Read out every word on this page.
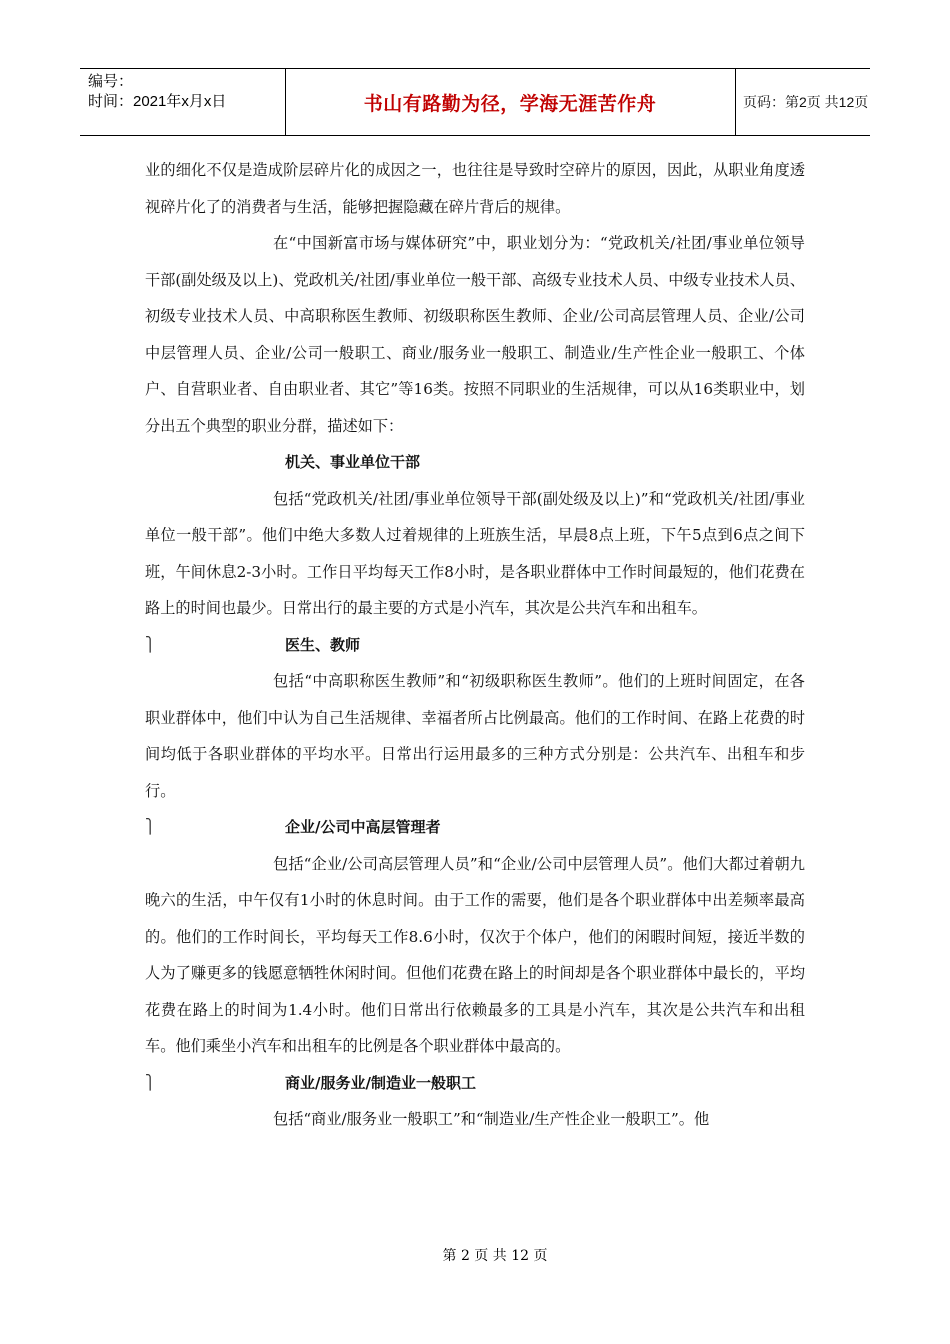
编号：
时间：2021年x月x日	书山有路勤为径，学海无涯苦作舟	页码：第2页 共12页

业的细化不仅是造成阶层碎片化的成因之一，也往往是导致时空碎片的原因，因此，从职业角度透视碎片化了的消费者与生活，能够把握隐藏在碎片背后的规律。

在“中国新富市场与媒体研究”中，职业划分为：“党政机关/社团/事业单位领导干部(副处级及以上)、党政机关/社团/事业单位一般干部、高级专业技术人员、中级专业技术人员、初级专业技术人员、中高职称医生教师、初级职称医生教师、企业/公司高层管理人员、企业/公司中层管理人员、企业/公司一般职工、商业/服务业一般职工、制造业/生产性企业一般职工、个体户、自营职业者、自由职业者、其它”等16类。按照不同职业的生活规律，可以从16类职业中，划分出五个典型的职业分群，描述如下：

机关、事业单位干部

包括“党政机关/社团/事业单位领导干部(副处级及以上)”和“党政机关/社团/事业单位一般干部”。他们中绝大多数人过着规律的上班族生活，早晨8点上班，下午5点到6点之间下班，午间休息2-3小时。工作日平均每天工作8小时，是各职业群体中工作时间最短的，他们花费在路上的时间也最少。日常出行的最主要的方式是小汽车，其次是公共汽车和出租车。

⎫	医生、教师

包括“中高职称医生教师”和“初级职称医生教师”。他们的上班时间固定，在各职业群体中，他们中认为自己生活规律、幸福者所占比例最高。他们的工作时间、在路上花费的时间均低于各职业群体的平均水平。日常出行运用最多的三种方式分别是：公共汽车、出租车和步行。

⎫	企业/公司中高层管理者

包括“企业/公司高层管理人员”和“企业/公司中层管理人员”。他们大都过着朝九晚六的生活，中午仅有1小时的休息时间。由于工作的需要，他们是各个职业群体中出差频率最高的。他们的工作时间长，平均每天工作8.6小时，仅次于个体户，他们的闲暇时间短，接近半数的人为了赚更多的钱愿意牺牲休闲时间。但他们花费在路上的时间却是各个职业群体中最长的，平均花费在路上的时间为1.4小时。他们日常出行依赖最多的工具是小汽车，其次是公共汽车和出租车。他们乘坐小汽车和出租车的比例是各个职业群体中最高的。

⎫	商业/服务业/制造业一般职工

包括“商业/服务业一般职工”和“制造业/生产性企业一般职工”。他

第 2 页 共 12 页
